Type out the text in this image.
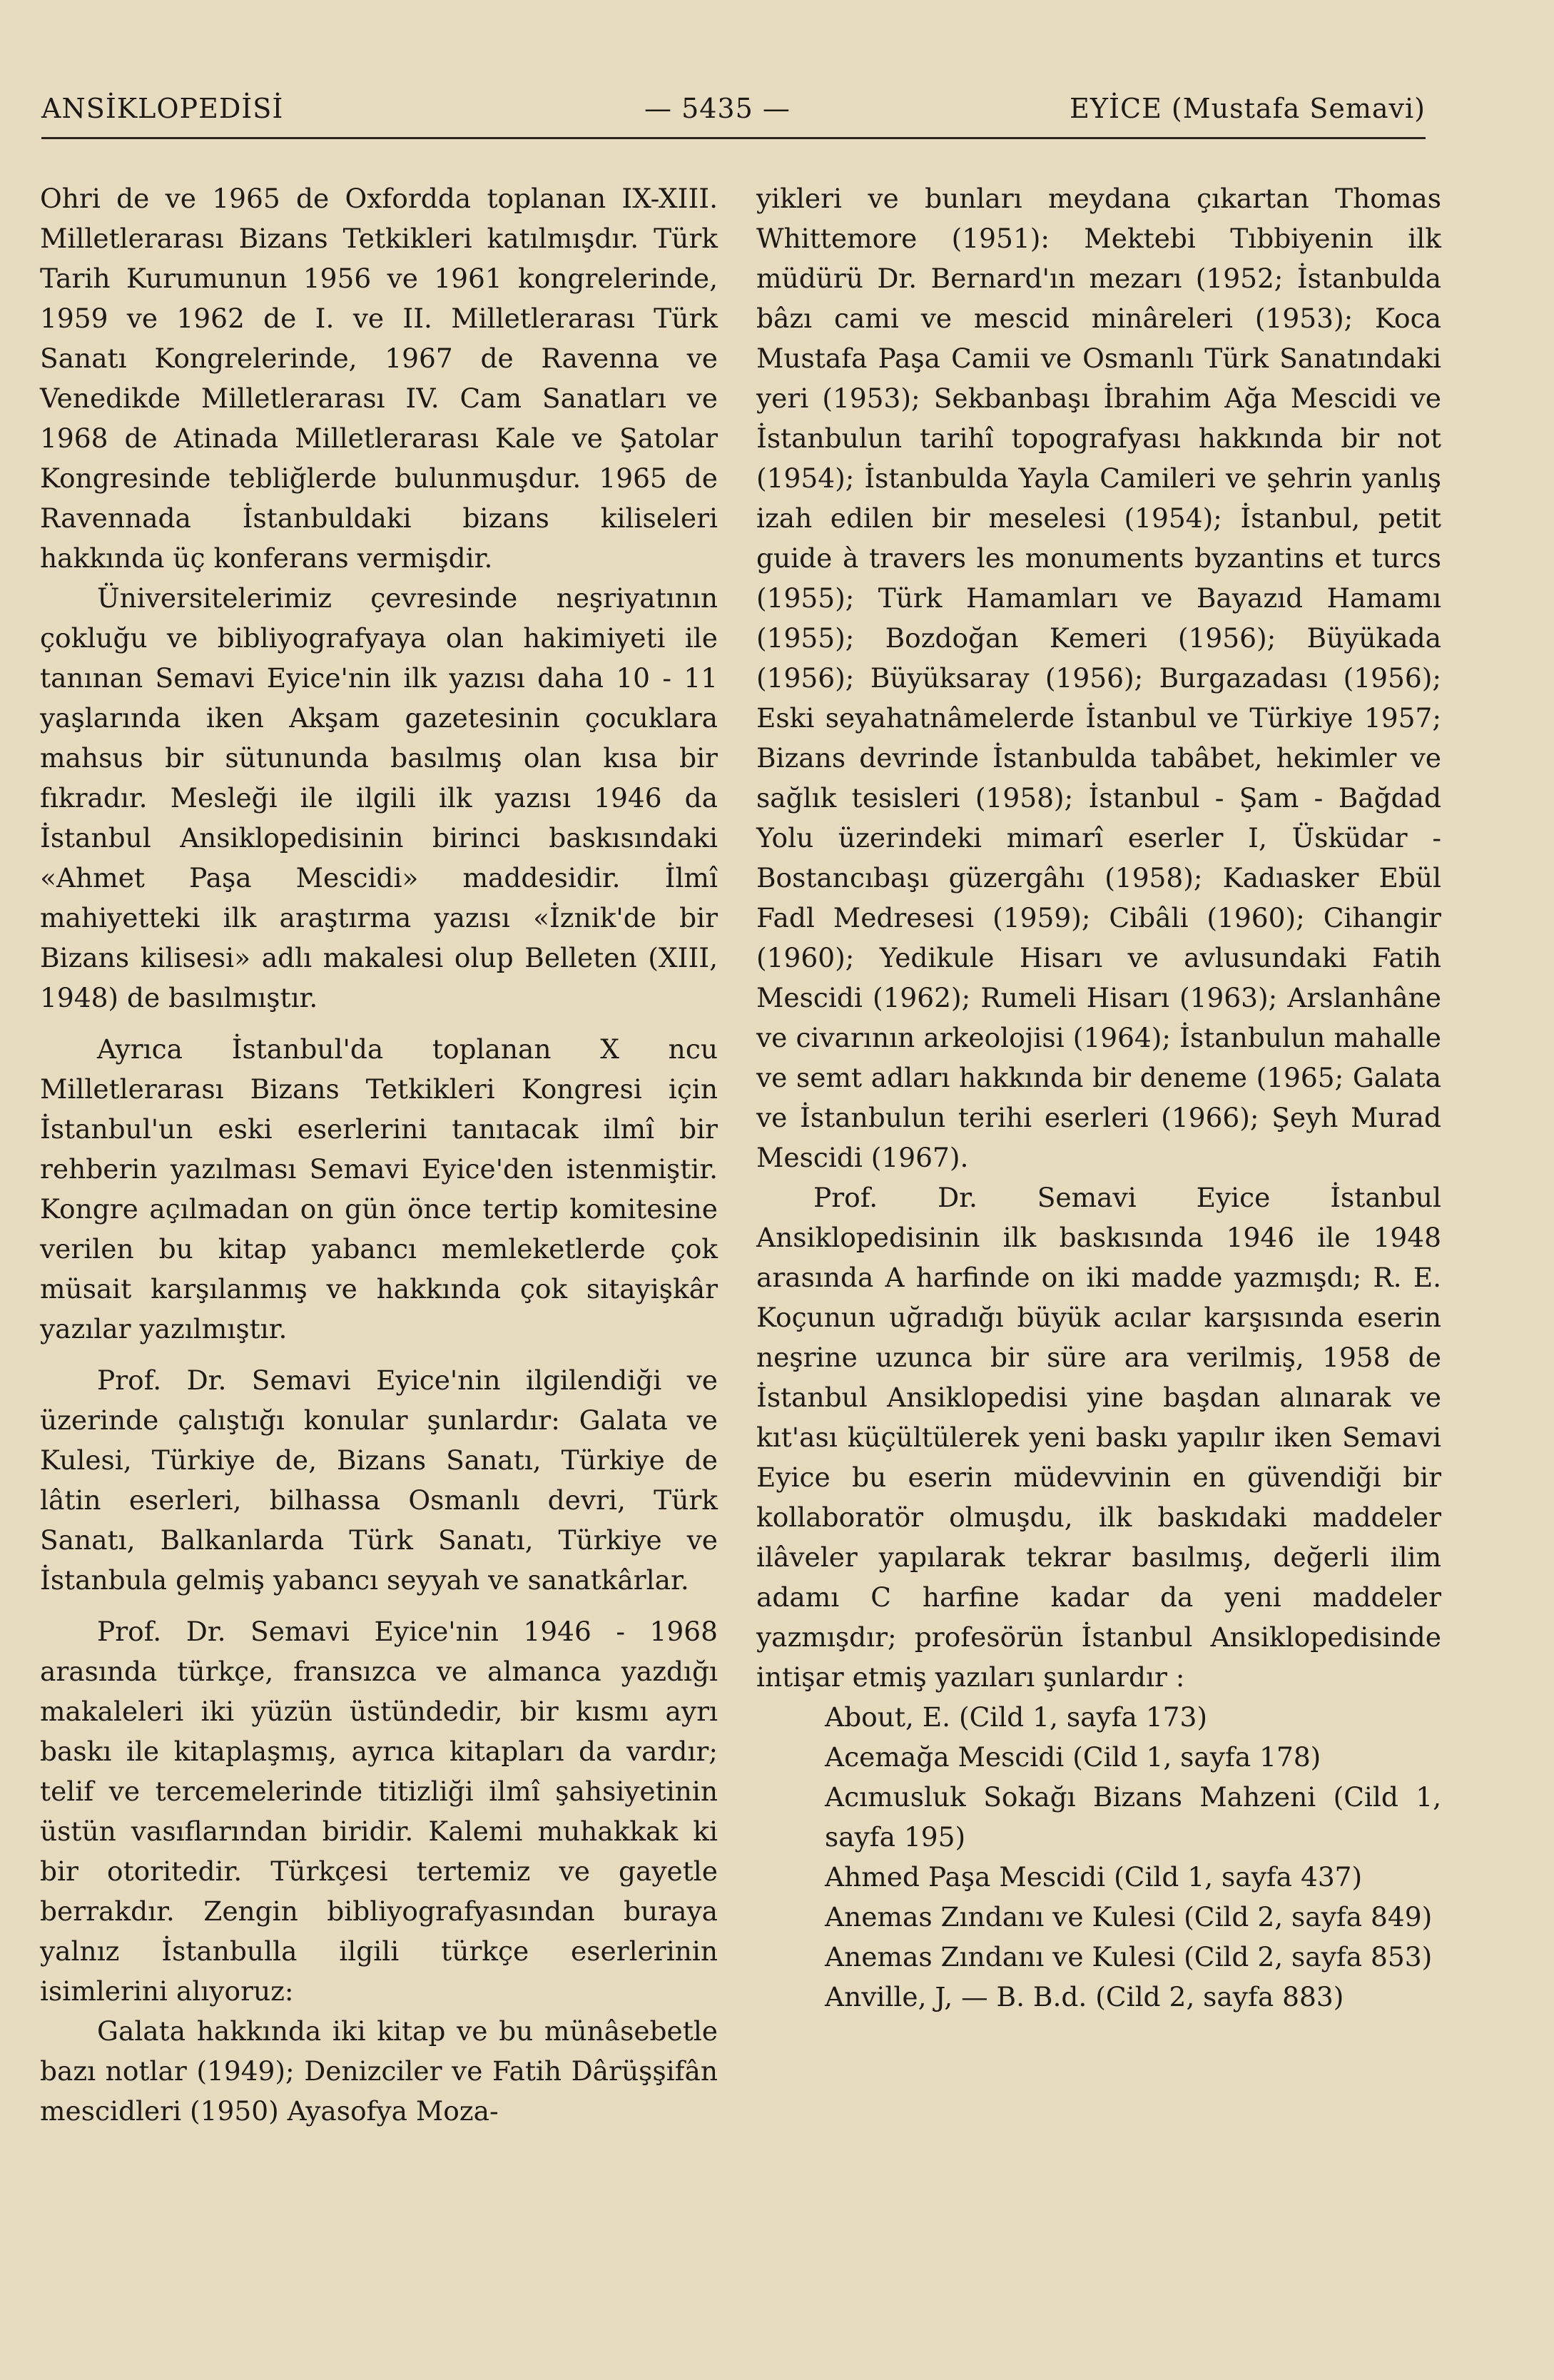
ANSİKLOPEDİSİ	— 5435 —	EYİCE (Mustafa Semavi)

Ohri de ve 1965 de Oxfordda toplanan IX-XIII. Milletlerarası Bizans Tetkikleri katılmışdır. Türk Tarih Kurumunun 1956 ve 1961 kongrelerinde, 1959 ve 1962 de I. ve II. Milletlerarası Türk Sanatı Kongrelerinde, 1967 de Ravenna ve Venedikde Milletlerarası IV. Cam Sanatları ve 1968 de Atinada Milletlerarası Kale ve Şatolar Kongresinde tebliğlerde bulunmuşdur. 1965 de Ravennada İstanbuldaki bizans kiliseleri hakkında üç konferans vermişdir.

Üniversitelerimiz çevresinde neşriyatının çokluğu ve bibliyografyaya olan hakimiyeti ile tanınan Semavi Eyice'nin ilk yazısı daha 10 - 11 yaşlarında iken Akşam gazetesinin çocuklara mahsus bir sütununda basılmış olan kısa bir fıkradır. Mesleği ile ilgili ilk yazısı 1946 da İstanbul Ansiklopedisinin birinci baskısındaki «Ahmet Paşa Mescidi» maddesidir. İlmî mahiyetteki ilk araştırma yazısı «İznik'de bir Bizans kilisesi» adlı makalesi olup Belleten (XIII, 1948) de basılmıştır.

Ayrıca İstanbul'da toplanan X ncu Milletlerarası Bizans Tetkikleri Kongresi için İstanbul'un eski eserlerini tanıtacak ilmî bir rehberin yazılması Semavi Eyice'den istenmiştir. Kongre açılmadan on gün önce tertip komitesine verilen bu kitap yabancı memleketlerde çok müsait karşılanmış ve hakkında çok sitayişkâr yazılar yazılmıştır.

Prof. Dr. Semavi Eyice'nin ilgilendiği ve üzerinde çalıştığı konular şunlardır: Galata ve Kulesi, Türkiye de, Bizans Sanatı, Türkiye de lâtin eserleri, bilhassa Osmanlı devri, Türk Sanatı, Balkanlarda Türk Sanatı, Türkiye ve İstanbula gelmiş yabancı seyyah ve sanatkârlar.

Prof. Dr. Semavi Eyice'nin 1946 - 1968 arasında türkçe, fransızca ve almanca yazdığı makaleleri iki yüzün üstündedir, bir kısmı ayrı baskı ile kitaplaşmış, ayrıca kitapları da vardır; telif ve tercemelerinde titizliği ilmî şahsiyetinin üstün vasıflarından biridir. Kalemi muhakkak ki bir otoritedir. Türkçesi tertemiz ve gayetle berrakdır. Zengin bibliyografyasından buraya yalnız İstanbulla ilgili türkçe eserlerinin isimlerini alıyoruz:

Galata hakkında iki kitap ve bu münâsebetle bazı notlar (1949); Denizciler ve Fatih Dârüşşifân mescidleri (1950) Ayasofya Moza-

yikleri ve bunları meydana çıkartan Thomas Whittemore (1951): Mektebi Tıbbiyenin ilk müdürü Dr. Bernard'ın mezarı (1952; İstanbulda bâzı cami ve mescid minâreleri (1953); Koca Mustafa Paşa Camii ve Osmanlı Türk Sanatındaki yeri (1953); Sekbanbaşı İbrahim Ağa Mescidi ve İstanbulun tarihî topografyası hakkında bir not (1954); İstanbulda Yayla Camileri ve şehrin yanlış izah edilen bir meselesi (1954); İstanbul, petit guide à travers les monuments byzantins et turcs (1955); Türk Hamamları ve Bayazıd Hamamı (1955); Bozdoğan Kemeri (1956); Büyükada (1956); Büyüksaray (1956); Burgazadası (1956); Eski seyahatnâmelerde İstanbul ve Türkiye 1957; Bizans devrinde İstanbulda tabâbet, hekimler ve sağlık tesisleri (1958); İstanbul - Şam - Bağdad Yolu üzerindeki mimarî eserler I, Üsküdar - Bostancıbaşı güzergâhı (1958); Kadıasker Ebül Fadl Medresesi (1959); Cibâli (1960); Cihangir (1960); Yedikule Hisarı ve avlusundaki Fatih Mescidi (1962); Rumeli Hisarı (1963); Arslanhâne ve civarının arkeolojisi (1964); İstanbulun mahalle ve semt adları hakkında bir deneme (1965; Galata ve İstanbulun terihi eserleri (1966); Şeyh Murad Mescidi (1967).

Prof. Dr. Semavi Eyice İstanbul Ansiklopedisinin ilk baskısında 1946 ile 1948 arasında A harfinde on iki madde yazmışdı; R. E. Koçunun uğradığı büyük acılar karşısında eserin neşrine uzunca bir süre ara verilmiş, 1958 de İstanbul Ansiklopedisi yine başdan alınarak ve kıt'ası küçültülerek yeni baskı yapılır iken Semavi Eyice bu eserin müdevvinin en güvendiği bir kollaboratör olmuşdu, ilk baskıdaki maddeler ilâveler yapılarak tekrar basılmış, değerli ilim adamı C harfine kadar da yeni maddeler yazmışdır; profesörün İstanbul Ansiklopedisinde intişar etmiş yazıları şunlardır :

About, E. (Cild 1, sayfa 173)
Acemağa Mescidi (Cild 1, sayfa 178)
Acımusluk Sokağı Bizans Mahzeni (Cild 1, sayfa 195)
Ahmed Paşa Mescidi (Cild 1, sayfa 437)
Anemas Zındanı ve Kulesi (Cild 2, sayfa 849)
Anemas Zındanı ve Kulesi (Cild 2, sayfa 853)
Anville, J, — B. B.d. (Cild 2, sayfa 883)
